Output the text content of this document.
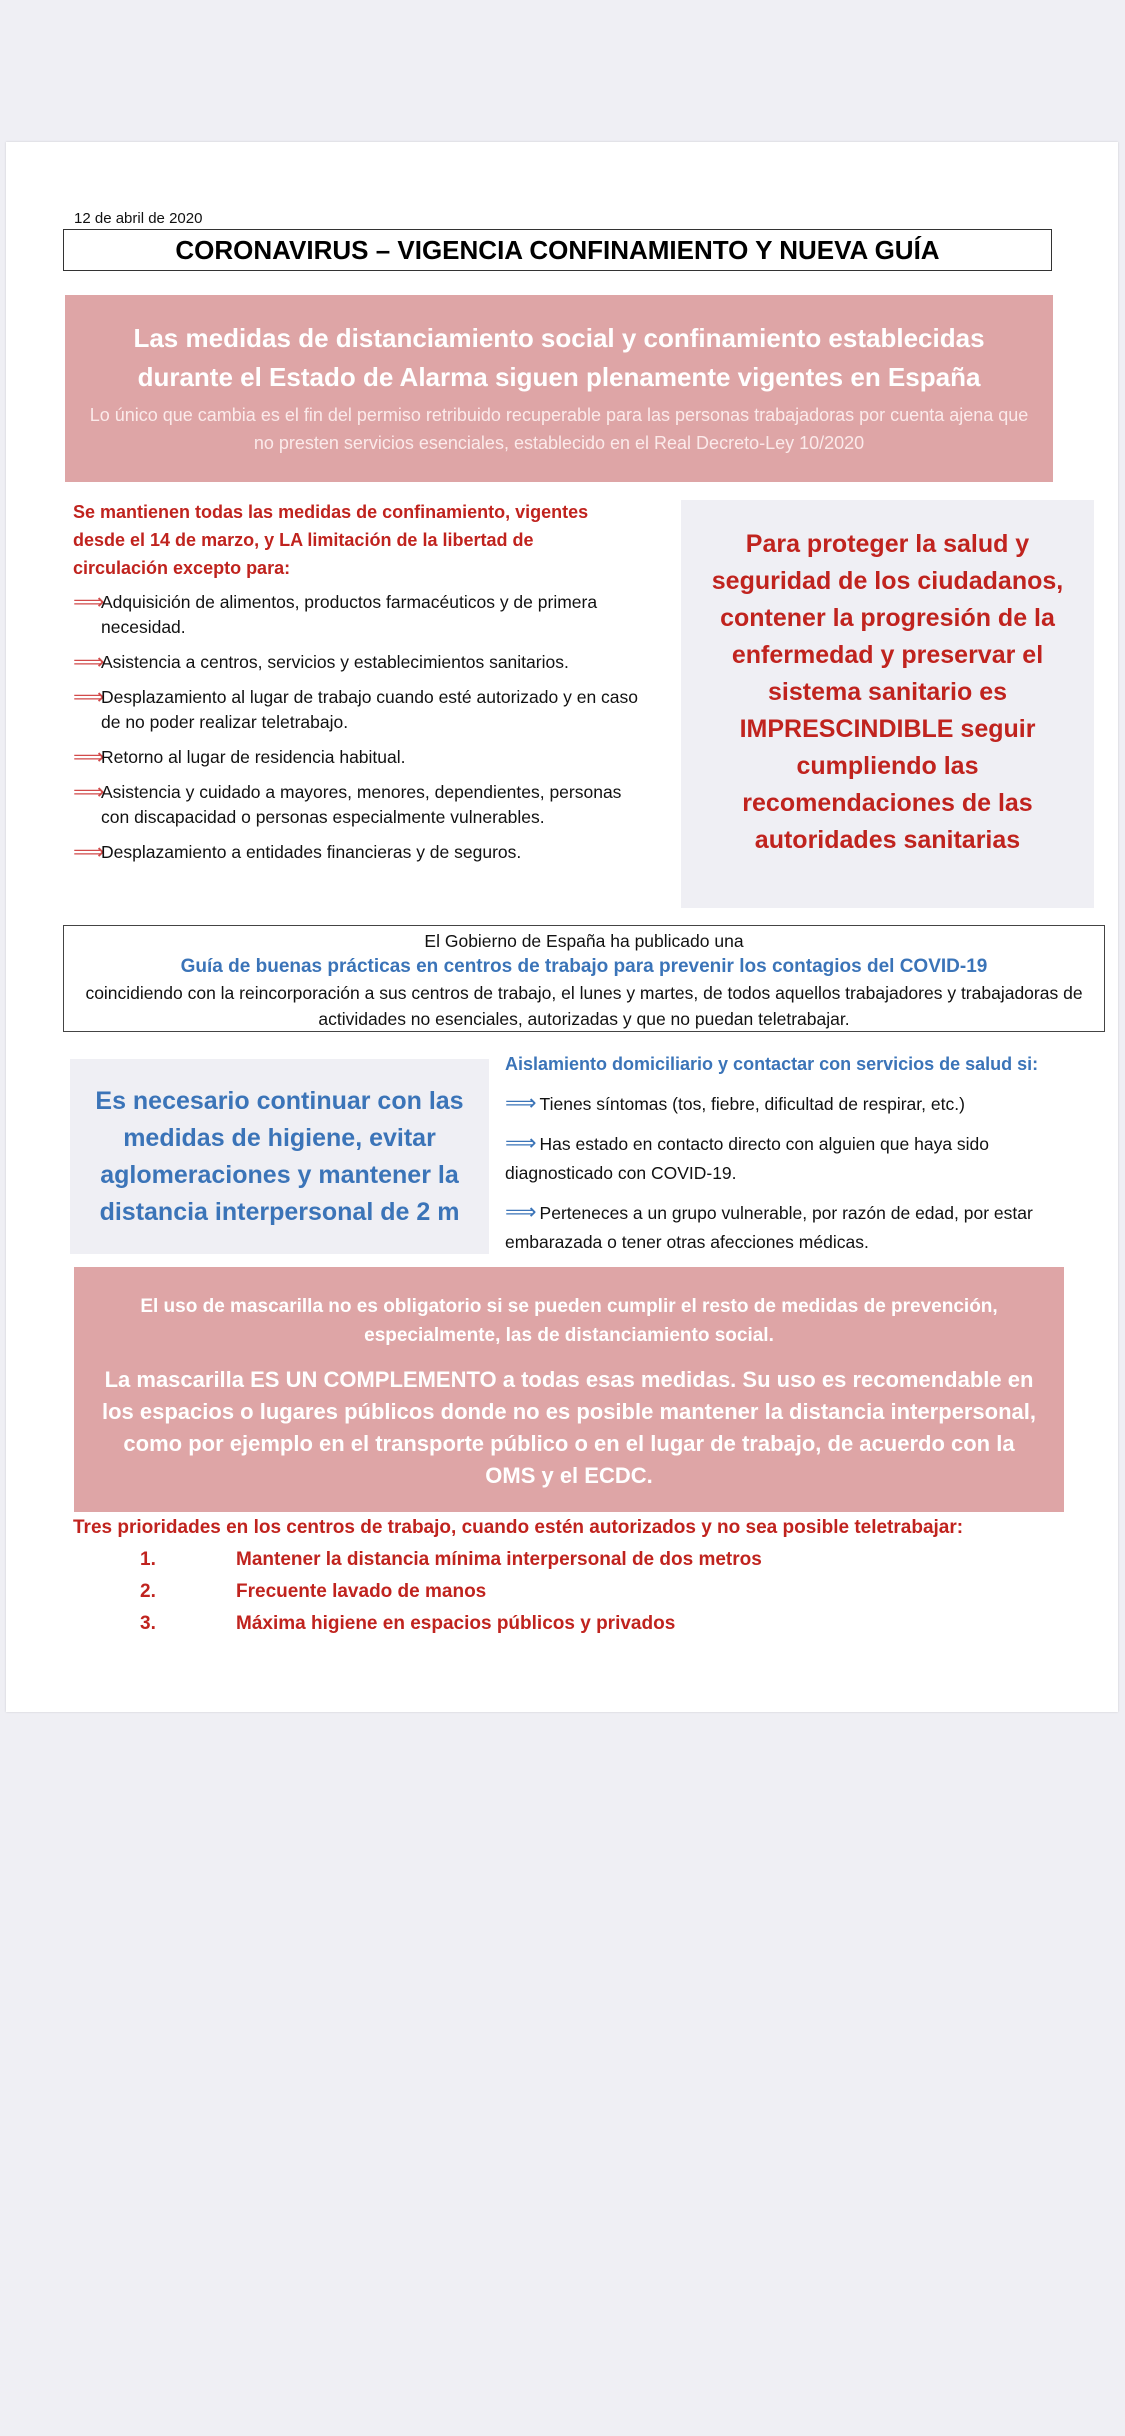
12 de abril de 2020
CORONAVIRUS – VIGENCIA CONFINAMIENTO Y NUEVA GUÍA
Las medidas de distanciamiento social y confinamiento establecidas durante el Estado de Alarma siguen plenamente vigentes en España
Lo único que cambia es el fin del permiso retribuido recuperable para las personas trabajadoras por cuenta ajena que no presten servicios esenciales, establecido en el Real Decreto-Ley 10/2020
Se mantienen todas las medidas de confinamiento, vigentes desde el 14 de marzo, y LA limitación de la libertad de circulación excepto para:
⟹
Adquisición de alimentos, productos farmacéuticos y de primera necesidad.
⟹
Asistencia a centros, servicios y establecimientos sanitarios.
⟹
Desplazamiento al lugar de trabajo cuando esté autorizado y en caso de no poder realizar teletrabajo.
⟹
Retorno al lugar de residencia habitual.
⟹
Asistencia y cuidado a mayores, menores, dependientes, personas con discapacidad o personas especialmente vulnerables.
⟹
Desplazamiento a entidades financieras y de seguros.
Para proteger la salud y seguridad de los ciudadanos, contener la progresión de la enfermedad y preservar el sistema sanitario es IMPRESCINDIBLE seguir cumpliendo las recomendaciones de las autoridades sanitarias
El Gobierno de España ha publicado una
Guía de buenas prácticas en centros de trabajo para prevenir los contagios del COVID-19
coincidiendo con la reincorporación a sus centros de trabajo, el lunes y martes, de todos aquellos trabajadores y trabajadoras de actividades no esenciales, autorizadas y que no puedan teletrabajar.
Es necesario continuar con las medidas de higiene, evitar aglomeraciones y mantener la distancia interpersonal de 2 m
Aislamiento domiciliario y contactar con servicios de salud si:
⟹ Tienes síntomas (tos, fiebre, dificultad de respirar, etc.)
⟹ Has estado en contacto directo con alguien que haya sido diagnosticado con COVID-19.
⟹ Perteneces a un grupo vulnerable, por razón de edad, por estar embarazada o tener otras afecciones médicas.
El uso de mascarilla no es obligatorio si se pueden cumplir el resto de medidas de prevención, especialmente, las de distanciamiento social.
La mascarilla ES UN COMPLEMENTO a todas esas medidas. Su uso es recomendable en los espacios o lugares públicos donde no es posible mantener la distancia interpersonal, como por ejemplo en el transporte público o en el lugar de trabajo, de acuerdo con la OMS y el ECDC.
Tres prioridades en los centros de trabajo, cuando estén autorizados y no sea posible teletrabajar:
1.	Mantener la distancia mínima interpersonal de dos metros
2.	Frecuente lavado de manos
3.	Máxima higiene en espacios públicos y privados
